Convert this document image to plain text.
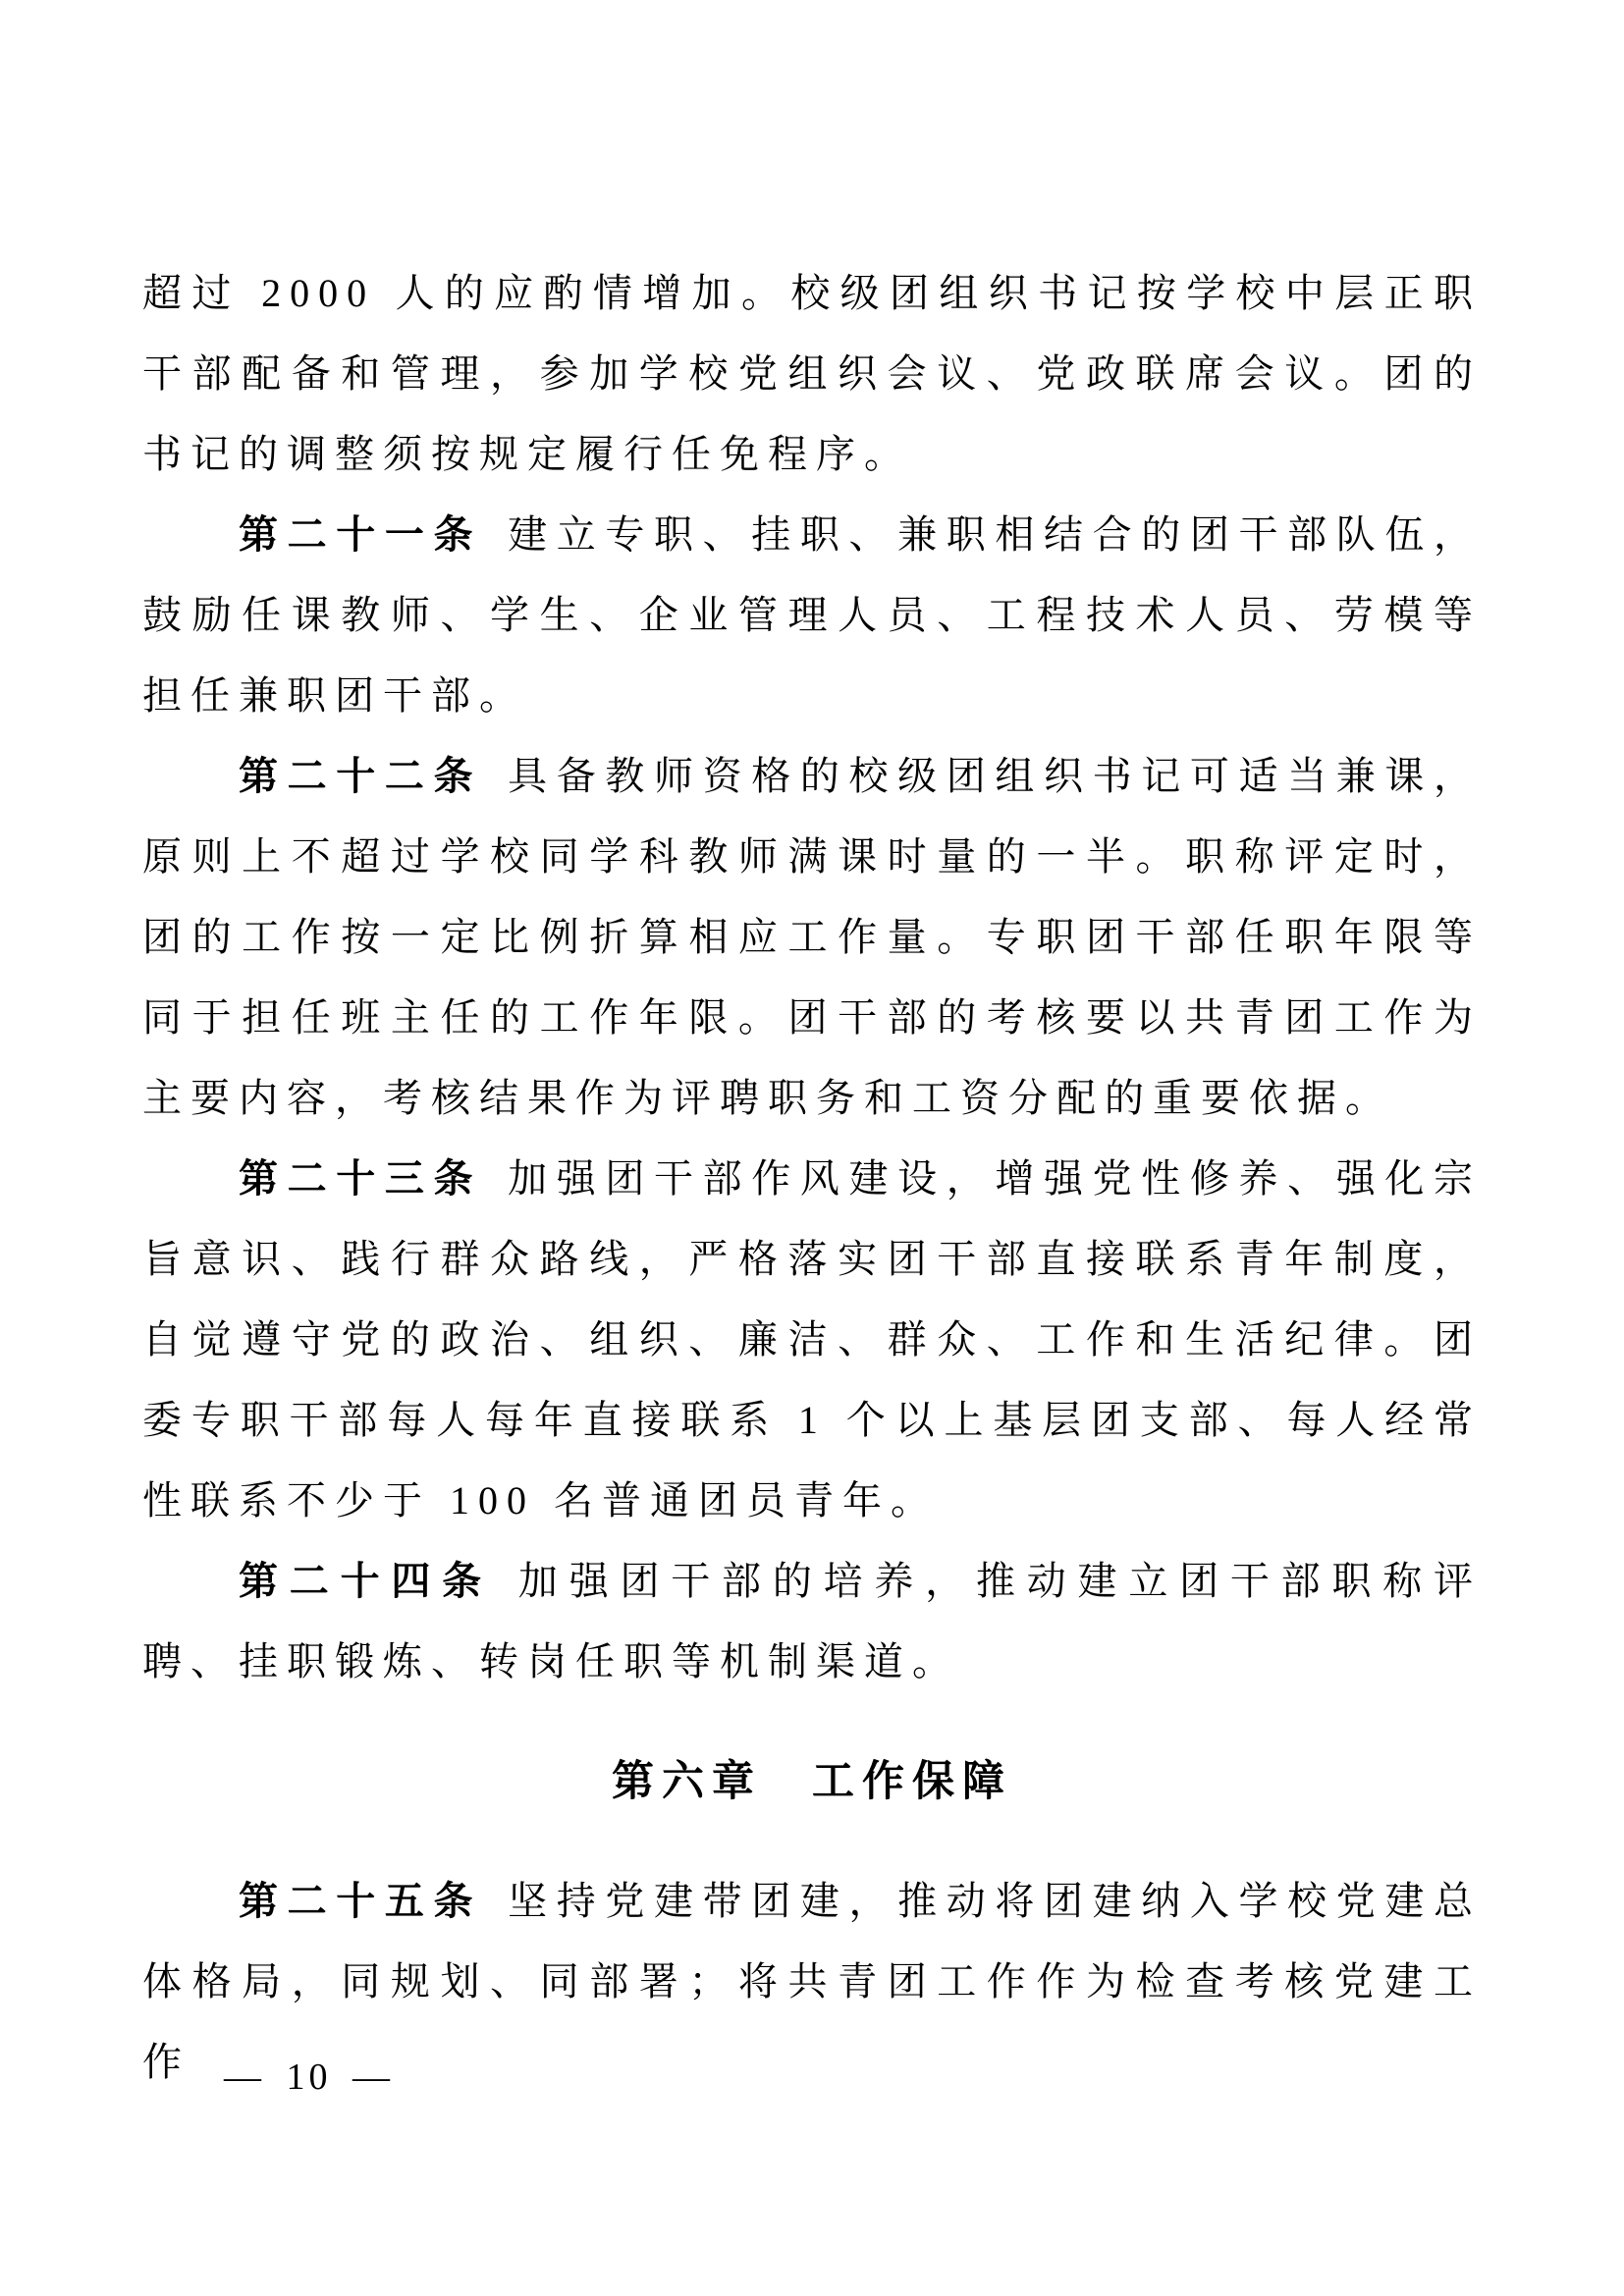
超过 2000 人的应酌情增加。校级团组织书记按学校中层正职干部配备和管理，参加学校党组织会议、党政联席会议。团的书记的调整须按规定履行任免程序。

第二十一条 建立专职、挂职、兼职相结合的团干部队伍，鼓励任课教师、学生、企业管理人员、工程技术人员、劳模等担任兼职团干部。

第二十二条 具备教师资格的校级团组织书记可适当兼课，原则上不超过学校同学科教师满课时量的一半。职称评定时，团的工作按一定比例折算相应工作量。专职团干部任职年限等同于担任班主任的工作年限。团干部的考核要以共青团工作为主要内容，考核结果作为评聘职务和工资分配的重要依据。

第二十三条 加强团干部作风建设，增强党性修养、强化宗旨意识、践行群众路线，严格落实团干部直接联系青年制度，自觉遵守党的政治、组织、廉洁、群众、工作和生活纪律。团委专职干部每人每年直接联系 1 个以上基层团支部、每人经常性联系不少于 100 名普通团员青年。

第二十四条 加强团干部的培养，推动建立团干部职称评聘、挂职锻炼、转岗任职等机制渠道。

第六章　工作保障

第二十五条 坚持党建带团建，推动将团建纳入学校党建总体格局，同规划、同部署；将共青团工作作为检查考核党建工作 — 10 —
